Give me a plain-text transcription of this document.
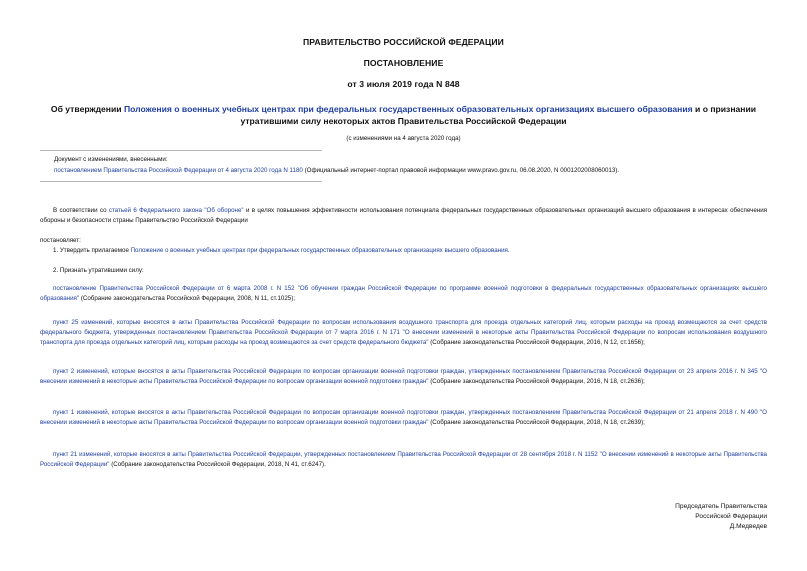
ПРАВИТЕЛЬСТВО РОССИЙСКОЙ ФЕДЕРАЦИИ
ПОСТАНОВЛЕНИЕ
от 3 июля 2019 года N 848
Об утверждении Положения о военных учебных центрах при федеральных государственных образовательных организациях высшего образования и о признании утратившими силу некоторых актов Правительства Российской Федерации
(с изменениями на 4 августа 2020 года)
Документ с изменениями, внесенными:
постановлением Правительства Российской Федерации от 4 августа 2020 года N 1180 (Официальный интернет-портал правовой информации www.pravo.gov.ru, 06.08.2020, N 0001202008060013).
В соответствии со статьей 6 Федерального закона "Об обороне" и в целях повышения эффективности использования потенциала федеральных государственных образовательных организаций высшего образования в интересах обеспечения обороны и безопасности страны Правительство Российской Федерации
постановляет:
1. Утвердить прилагаемое Положение о военных учебных центрах при федеральных государственных образовательных организациях высшего образования.
2. Признать утратившими силу:
постановление Правительства Российской Федерации от 6 марта 2008 г. N 152 "Об обучении граждан Российской Федерации по программе военной подготовки в федеральных государственных образовательных организациях высшего образования" (Собрание законодательства Российской Федерации, 2008, N 11, ст.1025);
пункт 25 изменений, которые вносятся в акты Правительства Российской Федерации по вопросам использования воздушного транспорта для проезда отдельных категорий лиц, которым расходы на проезд возмещаются за счет средств федерального бюджета, утвержденных постановлением Правительства Российской Федерации от 7 марта 2016 г. N 171 "О внесении изменений в некоторые акты Правительства Российской Федерации по вопросам использования воздушного транспорта для проезда отдельных категорий лиц, которым расходы на проезд возмещаются за счет средств федерального бюджета" (Собрание законодательства Российской Федерации, 2016, N 12, ст.1656);
пункт 2 изменений, которые вносятся в акты Правительства Российской Федерации по вопросам организации военной подготовки граждан, утвержденных постановлением Правительства Российской Федерации от 23 апреля 2016 г. N 345 "О внесении изменений в некоторые акты Правительства Российской Федерации по вопросам организации военной подготовки граждан" (Собрание законодательства Российской Федерации, 2016, N 18, ст.2636);
пункт 1 изменений, которые вносятся в акты Правительства Российской Федерации по вопросам организации военной подготовки граждан, утвержденных постановлением Правительства Российской Федерации от 21 апреля 2018 г. N 490 "О внесении изменений в некоторые акты Правительства Российской Федерации по вопросам организации военной подготовки граждан" (Собрание законодательства Российской Федерации, 2018, N 18, ст.2639);
пункт 21 изменений, которые вносятся в акты Правительства Российской Федерации, утвержденных постановлением Правительства Российской Федерации от 28 сентября 2018 г. N 1152 "О внесении изменений в некоторые акты Правительства Российской Федерации" (Собрание законодательства Российской Федерации, 2018, N 41, ст.6247).
Председатель Правительства
Российской Федерации
Д.Медведев
